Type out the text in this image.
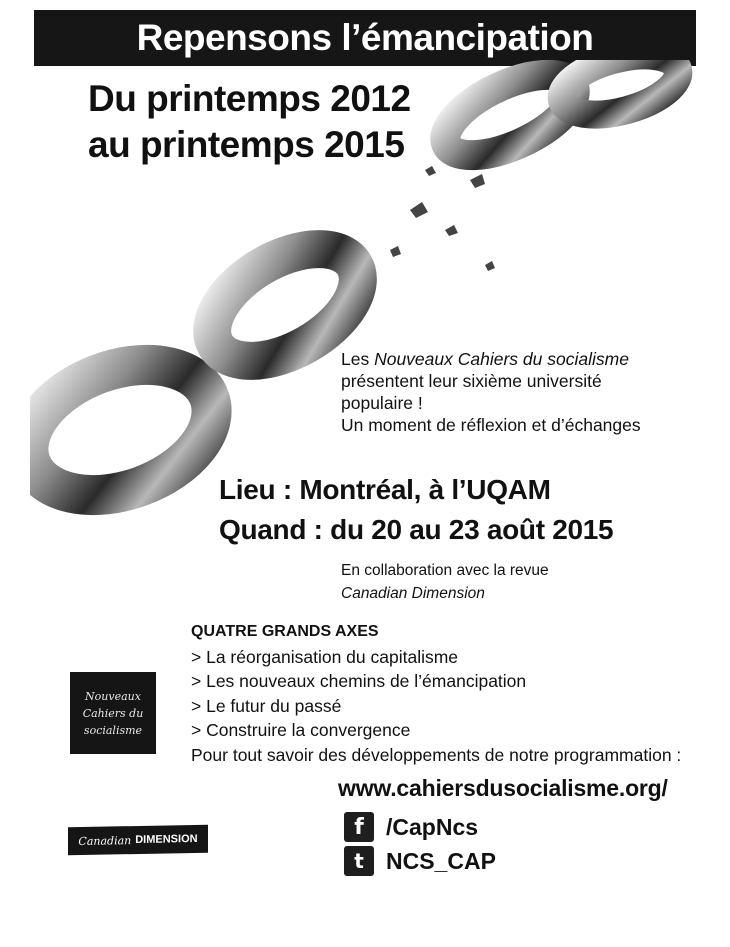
Repensons l’émancipation
Du printemps 2012
au printemps 2015
Les Nouveaux Cahiers du socialisme
présentent leur sixième université
populaire !
Un moment de réflexion et d’échanges
Lieu : Montréal, à l’UQAM
Quand : du 20 au 23 août 2015
En collaboration avec la revue
Canadian Dimension
QUATRE GRANDS AXES
> La réorganisation du capitalisme
> Les nouveaux chemins de l’émancipation
> Le futur du passé
> Construire la convergence
Pour tout savoir des développements de notre programmation :
Nouveaux
Cahiers du
socialisme
Canadian DIMENSION
www.cahiersdusocialisme.org/
f /CapNcs
t NCS_CAP
